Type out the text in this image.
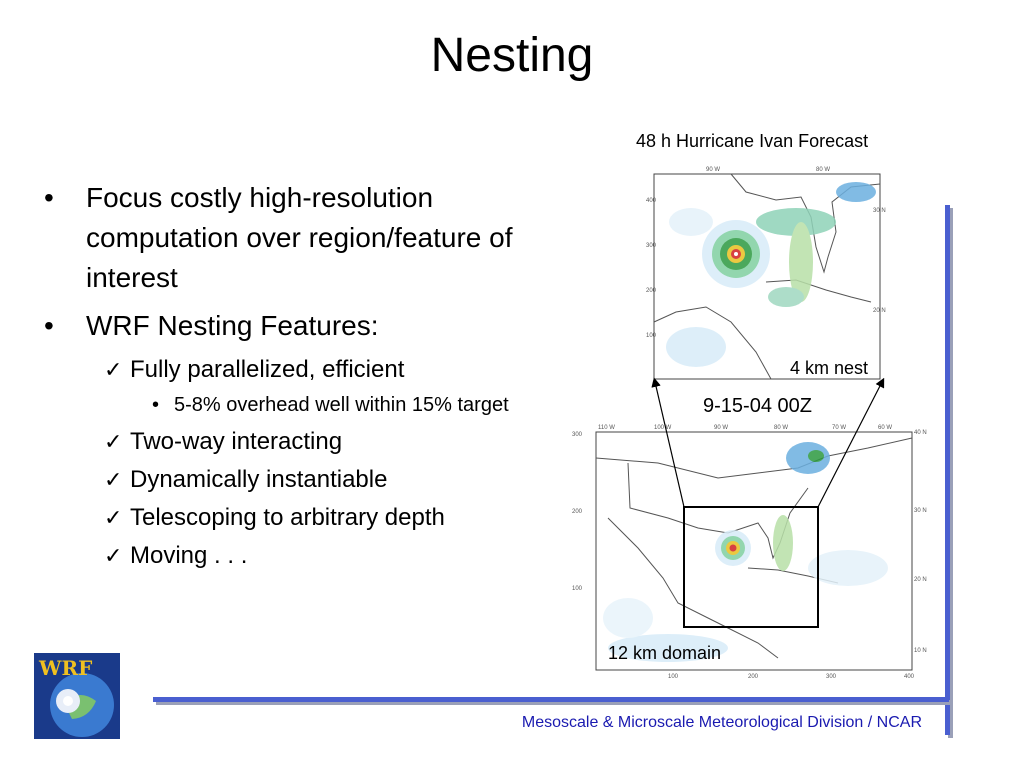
Nesting
• Focus costly high-resolution computation over region/feature of interest
• WRF Nesting Features:
✓ Fully parallelized, efficient
• 5-8% overhead well within 15% target
✓ Two-way interacting
✓ Dynamically instantiable
✓ Telescoping to arbitrary depth
✓ Moving . . .
48 h Hurricane Ivan Forecast
400
300
200
100
90 W	80 W
30 N
20 N
4 km nest
9-15-04 00Z
300
200
100
110 W	100 W	90 W	80 W	70 W	60 W
40 N
30 N
20 N
10 N
100	200	300	400
12 km domain
WRF
Mesoscale & Microscale Meteorological Division / NCAR
